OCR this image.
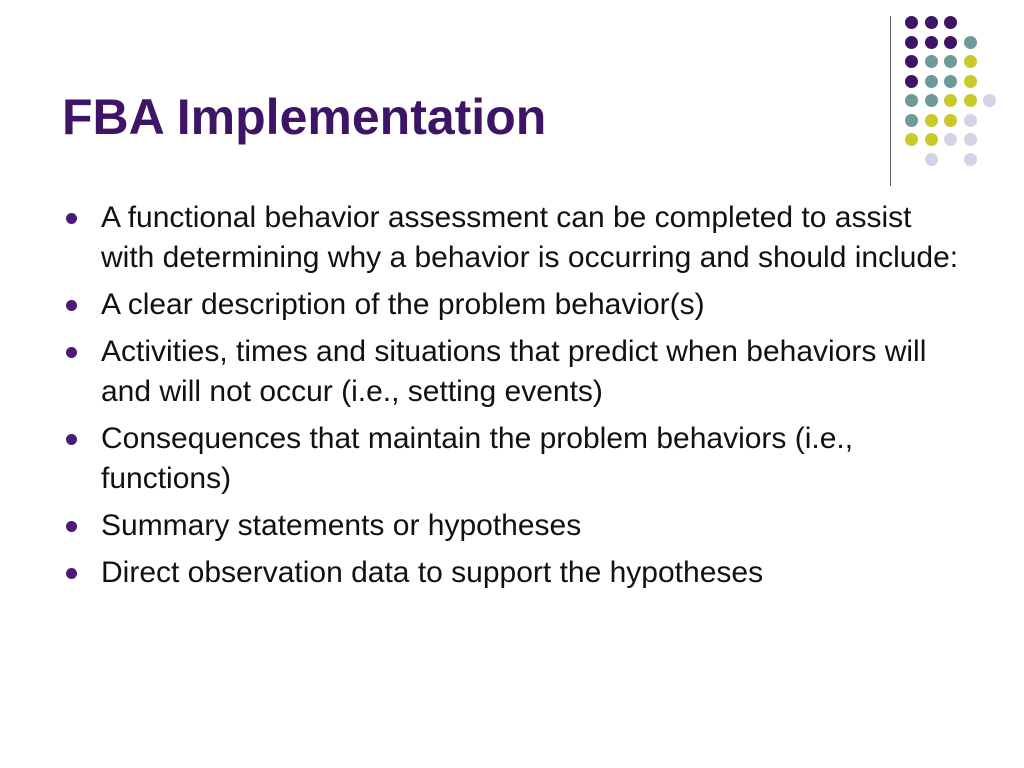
FBA Implementation
A functional behavior assessment can be completed to assist with determining why a behavior is occurring and should include:
A clear description of the problem behavior(s)
Activities, times and situations that predict when behaviors will and will not occur (i.e., setting events)
Consequences that maintain the problem behaviors (i.e., functions)
Summary statements or hypotheses
Direct observation data to support the hypotheses
